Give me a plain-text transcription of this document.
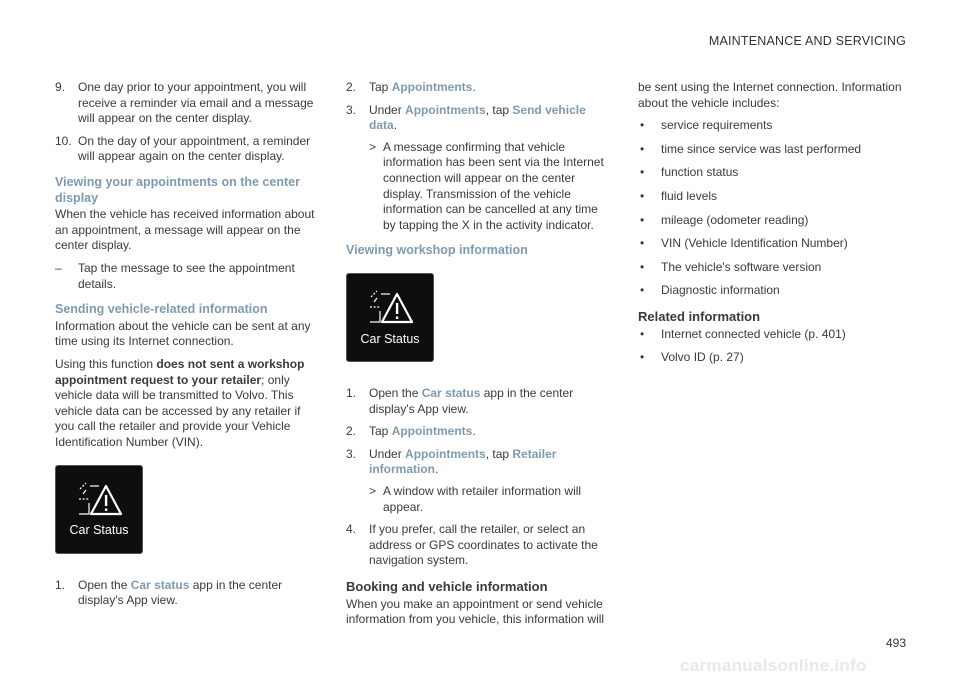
MAINTENANCE AND SERVICING
9.	One day prior to your appointment, you will receive a reminder via email and a message will appear on the center display.
10. On the day of your appointment, a reminder will appear again on the center display.
Viewing your appointments on the center display

When the vehicle has received information about an appointment, a message will appear on the center display.

–	Tap the message to see the appointment details.
Sending vehicle-related information

Information about the vehicle can be sent at any time using its Internet connection.

Using this function does not sent a workshop appointment request to your retailer; only vehicle data will be transmitted to Volvo. This vehicle data can be accessed by any retailer if you call the retailer and provide your Vehicle Identification Number (VIN).

Car Status
1.	Open the Car status app in the center display's App view.
2.	Tap Appointments.
3.	Under Appointments, tap Send vehicle data.
> A message confirming that vehicle information has been sent via the Internet connection will appear on the center display. Transmission of the vehicle information can be cancelled at any time by tapping the X in the activity indicator.
Viewing workshop information
Car Status
1.	Open the Car status app in the center display's App view.
2.	Tap Appointments.
3.	Under Appointments, tap Retailer information.
> A window with retailer information will appear.
4.	If you prefer, call the retailer, or select an address or GPS coordinates to activate the navigation system.
Booking and vehicle information

When you make an appointment or send vehicle information from you vehicle, this information will

be sent using the Internet connection. Information about the vehicle includes:

•	service requirements
•	time since service was last performed
•	function status
•	fluid levels
•	mileage (odometer reading)
•	VIN (Vehicle Identification Number)
•	The vehicle's software version
•	Diagnostic information
Related information
•	Internet connected vehicle (p. 401)
•	Volvo ID (p. 27)
493
carmanualsonline.info
